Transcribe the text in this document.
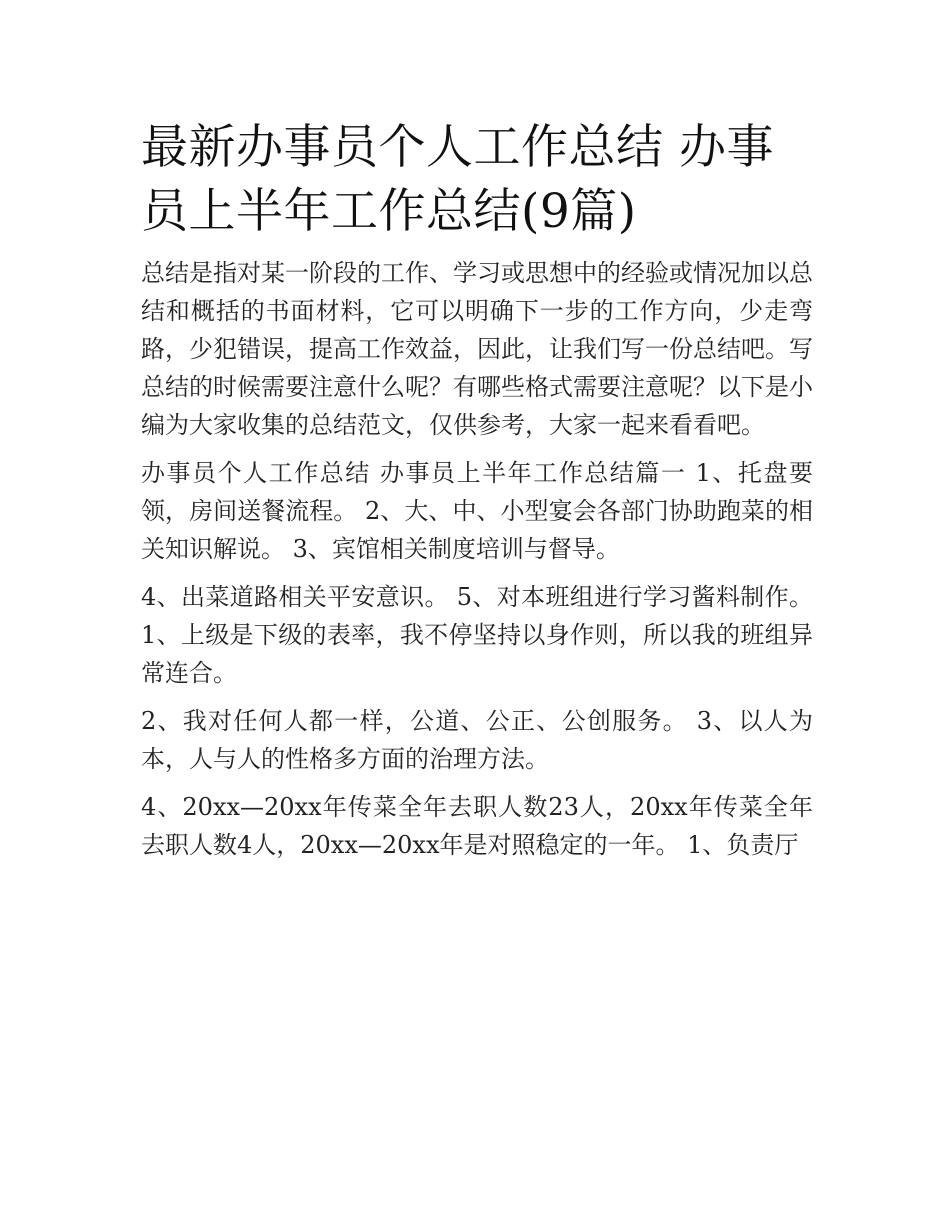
最新办事员个人工作总结 办事员上半年工作总结(9篇)

总结是指对某一阶段的工作、学习或思想中的经验或情况加以总结和概括的书面材料，它可以明确下一步的工作方向，少走弯路，少犯错误，提高工作效益，因此，让我们写一份总结吧。写总结的时候需要注意什么呢？有哪些格式需要注意呢？以下是小编为大家收集的总结范文，仅供参考，大家一起来看看吧。

办事员个人工作总结 办事员上半年工作总结篇一 1、托盘要领，房间送餐流程。 2、大、中、小型宴会各部门协助跑菜的相关知识解说。 3、宾馆相关制度培训与督导。

4、出菜道路相关平安意识。 5、对本班组进行学习酱料制作。 1、上级是下级的表率，我不停坚持以身作则，所以我的班组异常连合。

2、我对任何人都一样，公道、公正、公创服务。 3、以人为本，人与人的性格多方面的治理方法。

4、20xx—20xx年传菜全年去职人数23人，20xx年传菜全年去职人数4人，20xx—20xx年是对照稳定的一年。 1、负责厅
